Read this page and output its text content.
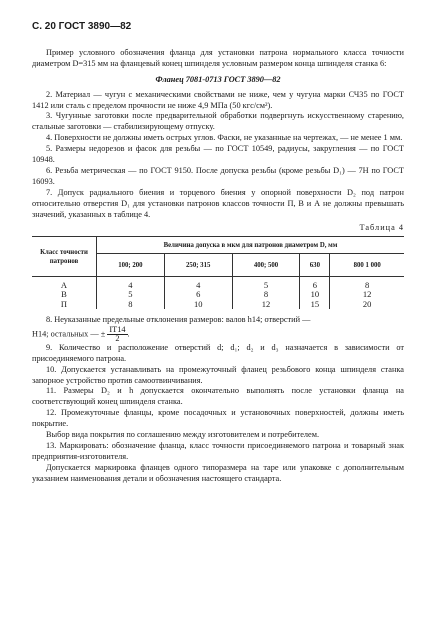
С. 20 ГОСТ 3890—82

Пример условного обозначения фланца для установки патрона нормального класса точности диаметром D=315 мм на фланцевый конец шпинделя условным размером конца шпинделя станка 6:

Фланец 7081-0713 ГОСТ 3890—82

2. Материал — чугун с механическими свойствами не ниже, чем у чугуна марки СЧ35 по ГОСТ 1412 или сталь с пределом прочности не ниже 4,9 МПа (50 кгс/см²).

3. Чугунные заготовки после предварительной обработки подвергнуть искусственному старению, стальные заготовки — стабилизирующему отпуску.

4. Поверхности не должны иметь острых углов. Фаски, не указанные на чертежах, — не менее 1 мм.

5. Размеры недорезов и фасок для резьбы — по ГОСТ 10549, радиусы, закругления — по ГОСТ 10948.

6. Резьба метрическая — по ГОСТ 9150. После допуска резьбы (кроме резьбы D₁) — 7Н по ГОСТ 16093.

7. Допуск радиального биения и торцевого биения у опорной поверхности D₂ под патрон относительно отверстия D₁ для установки патронов классов точности П, В и А не должны превышать значений, указанных в таблице 4.

Таблица 4
Класс точности патронов	Величина допуска в мкм для патронов диаметром D, мм				
	100; 200	250; 315	400; 500	630	800 1 000
А	4	4	5	6	8
В	5	6	8	10	12
П	8	10	12	15	20

8. Неуказанные предельные отклонения размеров: валов h14; отверстий —

Н14; остальных — ± $\frac{IT14}{2}$ .

9. Количество и расположение отверстий d; d₁; d₂ и d₃ назначается в зависимости от присоединяемого патрона.

10. Допускается устанавливать на промежуточный фланец резьбового конца шпинделя станка запорное устройство против самоотвинчивания.

11. Размеры D₂ и h допускается окончательно выполнять после установки фланца на соответствующий конец шпинделя станка.

12. Промежуточные фланцы, кроме посадочных и установочных поверхностей, должны иметь покрытие.

Выбор вида покрытия по соглашению между изготовителем и потребителем.

13. Маркировать: обозначение фланца, класс точности присоединяемого патрона и товарный знак предприятия-изготовителя.

Допускается маркировка фланцев одного типоразмера на таре или упаковке с дополнительным указанием наименования детали и обозначения настоящего стандарта.
